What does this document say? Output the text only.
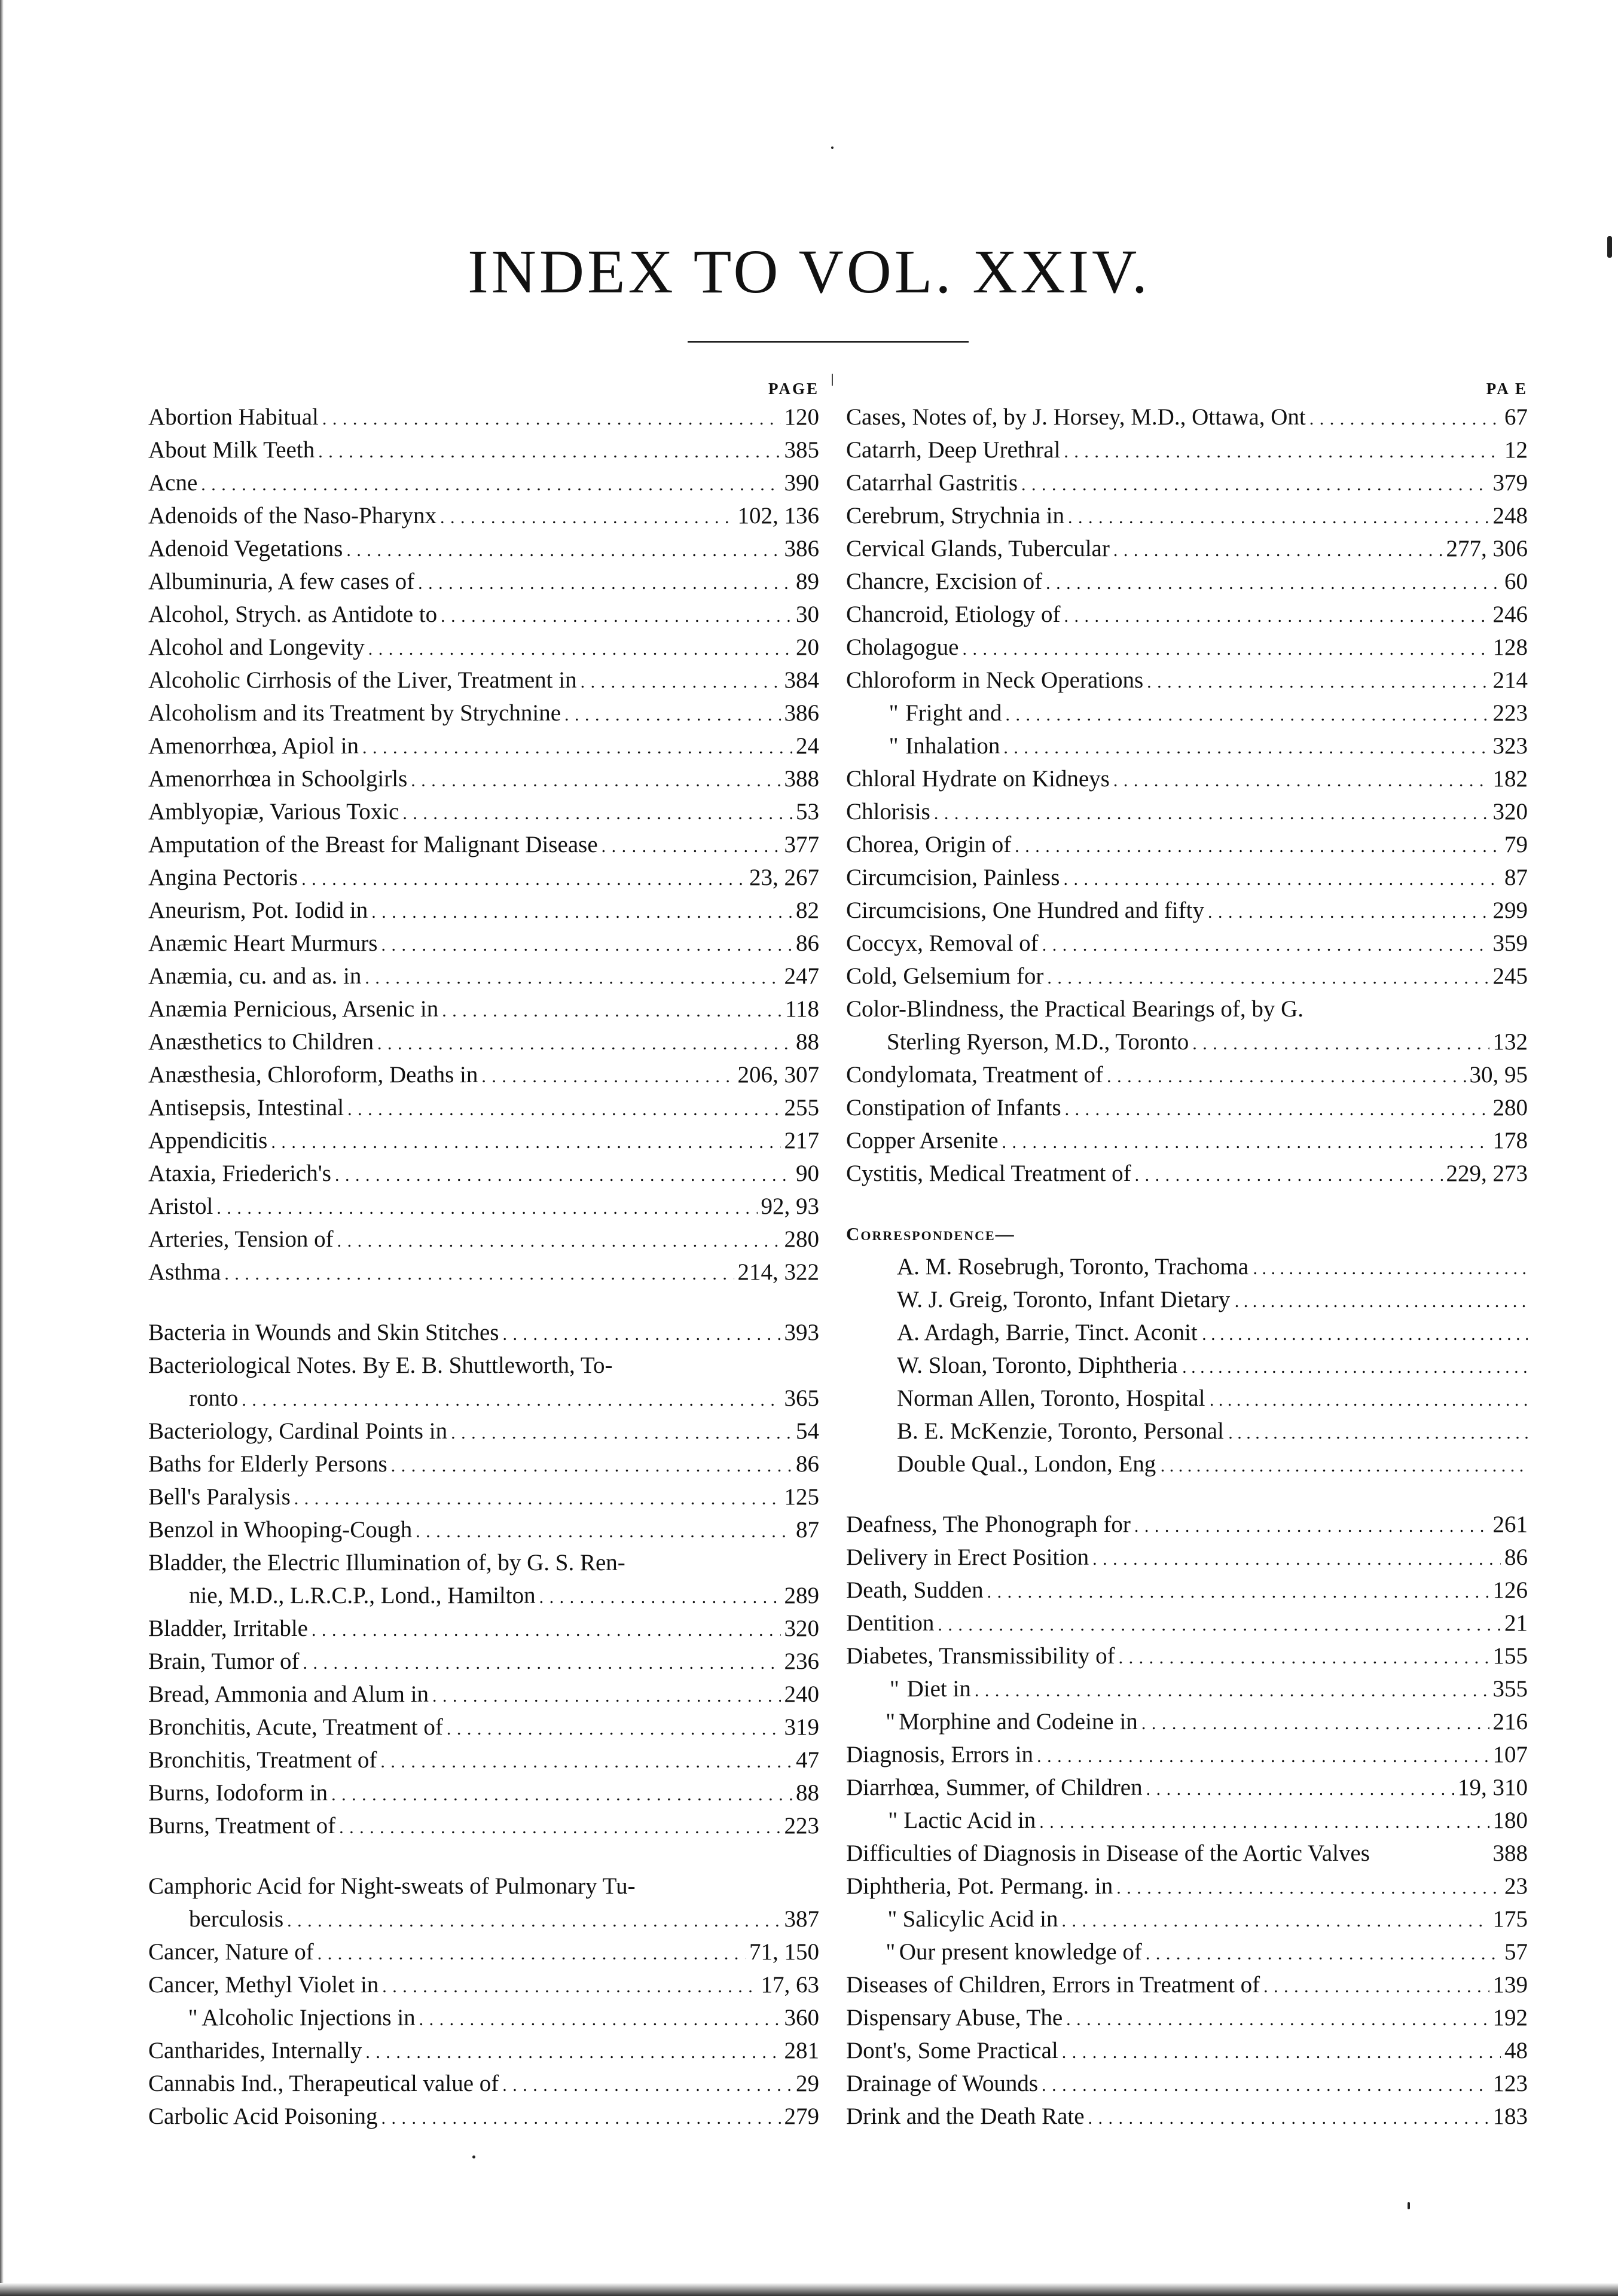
INDEX TO VOL. XXIV.
PAGE
Abortion Habitual . . .	120
About Milk Teeth . . .	385
Acne . . .	390
Adenoids of the Naso-Pharynx . . .	102, 136
Adenoid Vegetations . . .	386
Albuminuria, A few cases of . . .	89
Alcohol, Strych. as Antidote to . . .	30
Alcohol and Longevity . . .	20
Alcoholic Cirrhosis of the Liver, Treatment in . . .	384
Alcoholism and its Treatment by Strychnine . . .	386
Amenorrhœa, Apiol in . . .	24
Amenorrhœa in Schoolgirls . . .	388
Amblyopiæ, Various Toxic . . .	53
Amputation of the Breast for Malignant Disease . . .	377
Angina Pectoris . . .	23, 267
Aneurism, Pot. Iodid in . . .	82
Anæmic Heart Murmurs . . .	86
Anæmia, cu. and as. in . . .	247
Anæmia Pernicious, Arsenic in . . .	118
Anæsthetics to Children . . .	88
Anæsthesia, Chloroform, Deaths in . . .	206, 307
Antisepsis, Intestinal . . .	255
Appendicitis . . .	217
Ataxia, Friederich's . . .	90
Aristol . . .	92, 93
Arteries, Tension of . . .	280
Asthma . . .	214, 322
Bacteria in Wounds and Skin Stitches . . .	393
Bacteriological Notes. By E. B. Shuttleworth, To-
ronto . . .	365
Bacteriology, Cardinal Points in . . .	54
Baths for Elderly Persons . . .	86
Bell's Paralysis . . .	125
Benzol in Whooping-Cough . . .	87
Bladder, the Electric Illumination of, by G. S. Ren-
nie, M.D., L.R.C.P., Lond., Hamilton . . .	289
Bladder, Irritable . . .	320
Brain, Tumor of . . .	236
Bread, Ammonia and Alum in . . .	240
Bronchitis, Acute, Treatment of . . .	319
Bronchitis, Treatment of . . .	47
Burns, Iodoform in . . .	88
Burns, Treatment of . . .	223
Camphoric Acid for Night-sweats of Pulmonary Tu-
berculosis . . .	387
Cancer, Nature of . . .	71, 150
Cancer, Methyl Violet in . . .	17, 63
" Alcoholic Injections in . . .	360
Cantharides, Internally . . .	281
Cannabis Ind., Therapeutical value of . . .	29
Carbolic Acid Poisoning . . .	279
PA E
Cases, Notes of, by J. Horsey, M.D., Ottawa, Ont . . .	67
Catarrh, Deep Urethral . . .	12
Catarrhal Gastritis . . .	379
Cerebrum, Strychnia in . . .	248
Cervical Glands, Tubercular . . .	277, 306
Chancre, Excision of . . .	60
Chancroid, Etiology of . . .	246
Cholagogue . . .	128
Chloroform in Neck Operations . . .	214
" Fright and . . .	223
" Inhalation . . .	323
Chloral Hydrate on Kidneys . . .	182
Chlorisis . . .	320
Chorea, Origin of . . .	79
Circumcision, Painless . . .	87
Circumcisions, One Hundred and fifty . . .	299
Coccyx, Removal of . . .	359
Cold, Gelsemium for . . .	245
Color-Blindness, the Practical Bearings of, by G.
Sterling Ryerson, M.D., Toronto . . .	132
Condylomata, Treatment of . . .	30, 95
Constipation of Infants . . .	280
Copper Arsenite . . .	178
Cystitis, Medical Treatment of . . .	229, 273
Correspondence—
A. M. Rosebrugh, Toronto, Trachoma . . .
W. J. Greig, Toronto, Infant Dietary . . .
A. Ardagh, Barrie, Tinct. Aconit . . .
W. Sloan, Toronto, Diphtheria . . .
Norman Allen, Toronto, Hospital . . .
B. E. McKenzie, Toronto, Personal . . .
Double Qual., London, Eng . . .
Deafness, The Phonograph for . . .	261
Delivery in Erect Position . . .	86
Death, Sudden . . .	126
Dentition . . .	21
Diabetes, Transmissibility of . . .	155
" Diet in . . .	355
" Morphine and Codeine in . . .	216
Diagnosis, Errors in . . .	107
Diarrhœa, Summer, of Children . . .	19, 310
" Lactic Acid in . . .	180
Difficulties of Diagnosis in Disease of the Aortic Valves	388
Diphtheria, Pot. Permang. in . . .	23
" Salicylic Acid in . . .	175
" Our present knowledge of . . .	57
Diseases of Children, Errors in Treatment of . . .	139
Dispensary Abuse, The . . .	192
Dont's, Some Practical . . .	48
Drainage of Wounds . . .	123
Drink and the Death Rate . . .	183
